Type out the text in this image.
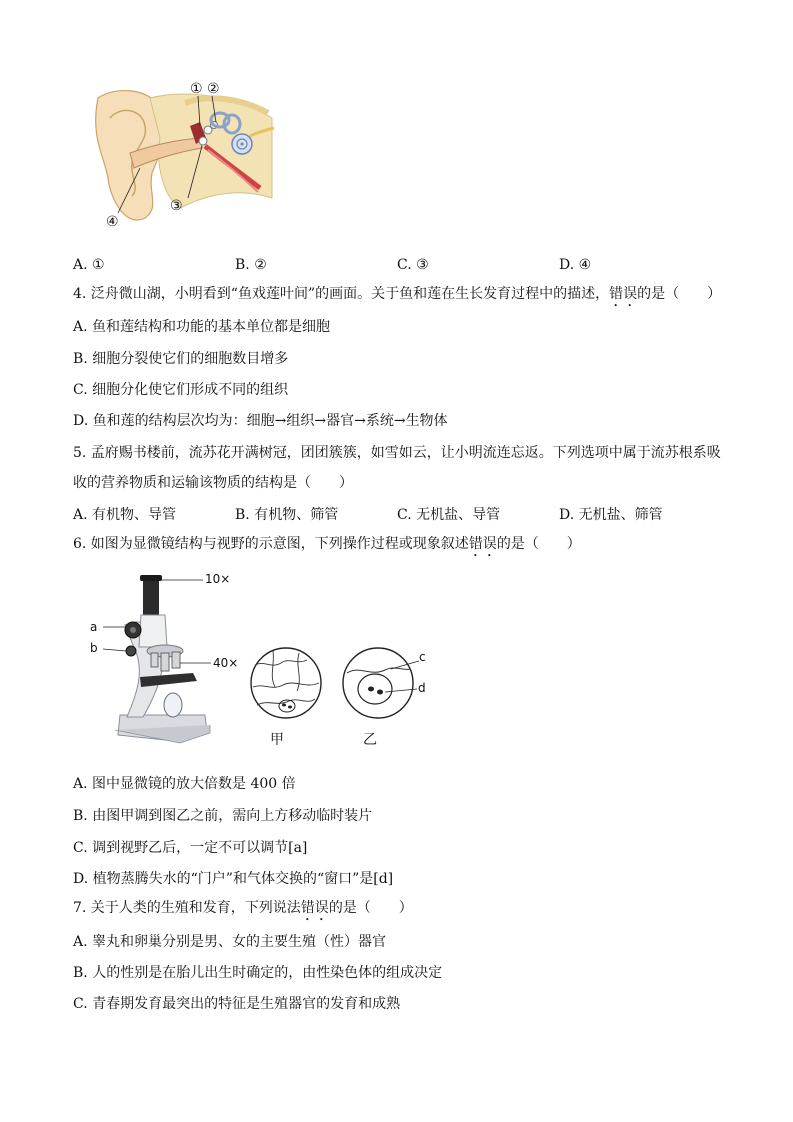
① ②
③
④
A. ①	B. ②	C. ③	D. ④
4. 泛舟微山湖，小明看到“鱼戏莲叶间”的画面。关于鱼和莲在生长发育过程中的描述，错误的是（　　）
A. 鱼和莲结构和功能的基本单位都是细胞
B. 细胞分裂使它们的细胞数目增多
C. 细胞分化使它们形成不同的组织
D. 鱼和莲的结构层次均为：细胞→组织→器官→系统→生物体
5. 孟府赐书楼前，流苏花开满树冠，团团簇簇，如雪如云，让小明流连忘返。下列选项中属于流苏根系吸
收的营养物质和运输该物质的结构是（　　）
A. 有机物、导管	B. 有机物、筛管	C. 无机盐、导管	D. 无机盐、筛管
6. 如图为显微镜结构与视野的示意图，下列操作过程或现象叙述错误的是（　　）
10×
a
b
40×	c
d
甲	乙
A. 图中显微镜的放大倍数是 400 倍
B. 由图甲调到图乙之前，需向上方移动临时装片
C. 调到视野乙后，一定不可以调节[a]
D. 植物蒸腾失水的“门户”和气体交换的“窗口”是[d]
7. 关于人类的生殖和发育，下列说法错误的是（　　）
A. 睾丸和卵巢分别是男、女的主要生殖（性）器官
B. 人的性别是在胎儿出生时确定的，由性染色体的组成决定
C. 青春期发育最突出的特征是生殖器官的发育和成熟
